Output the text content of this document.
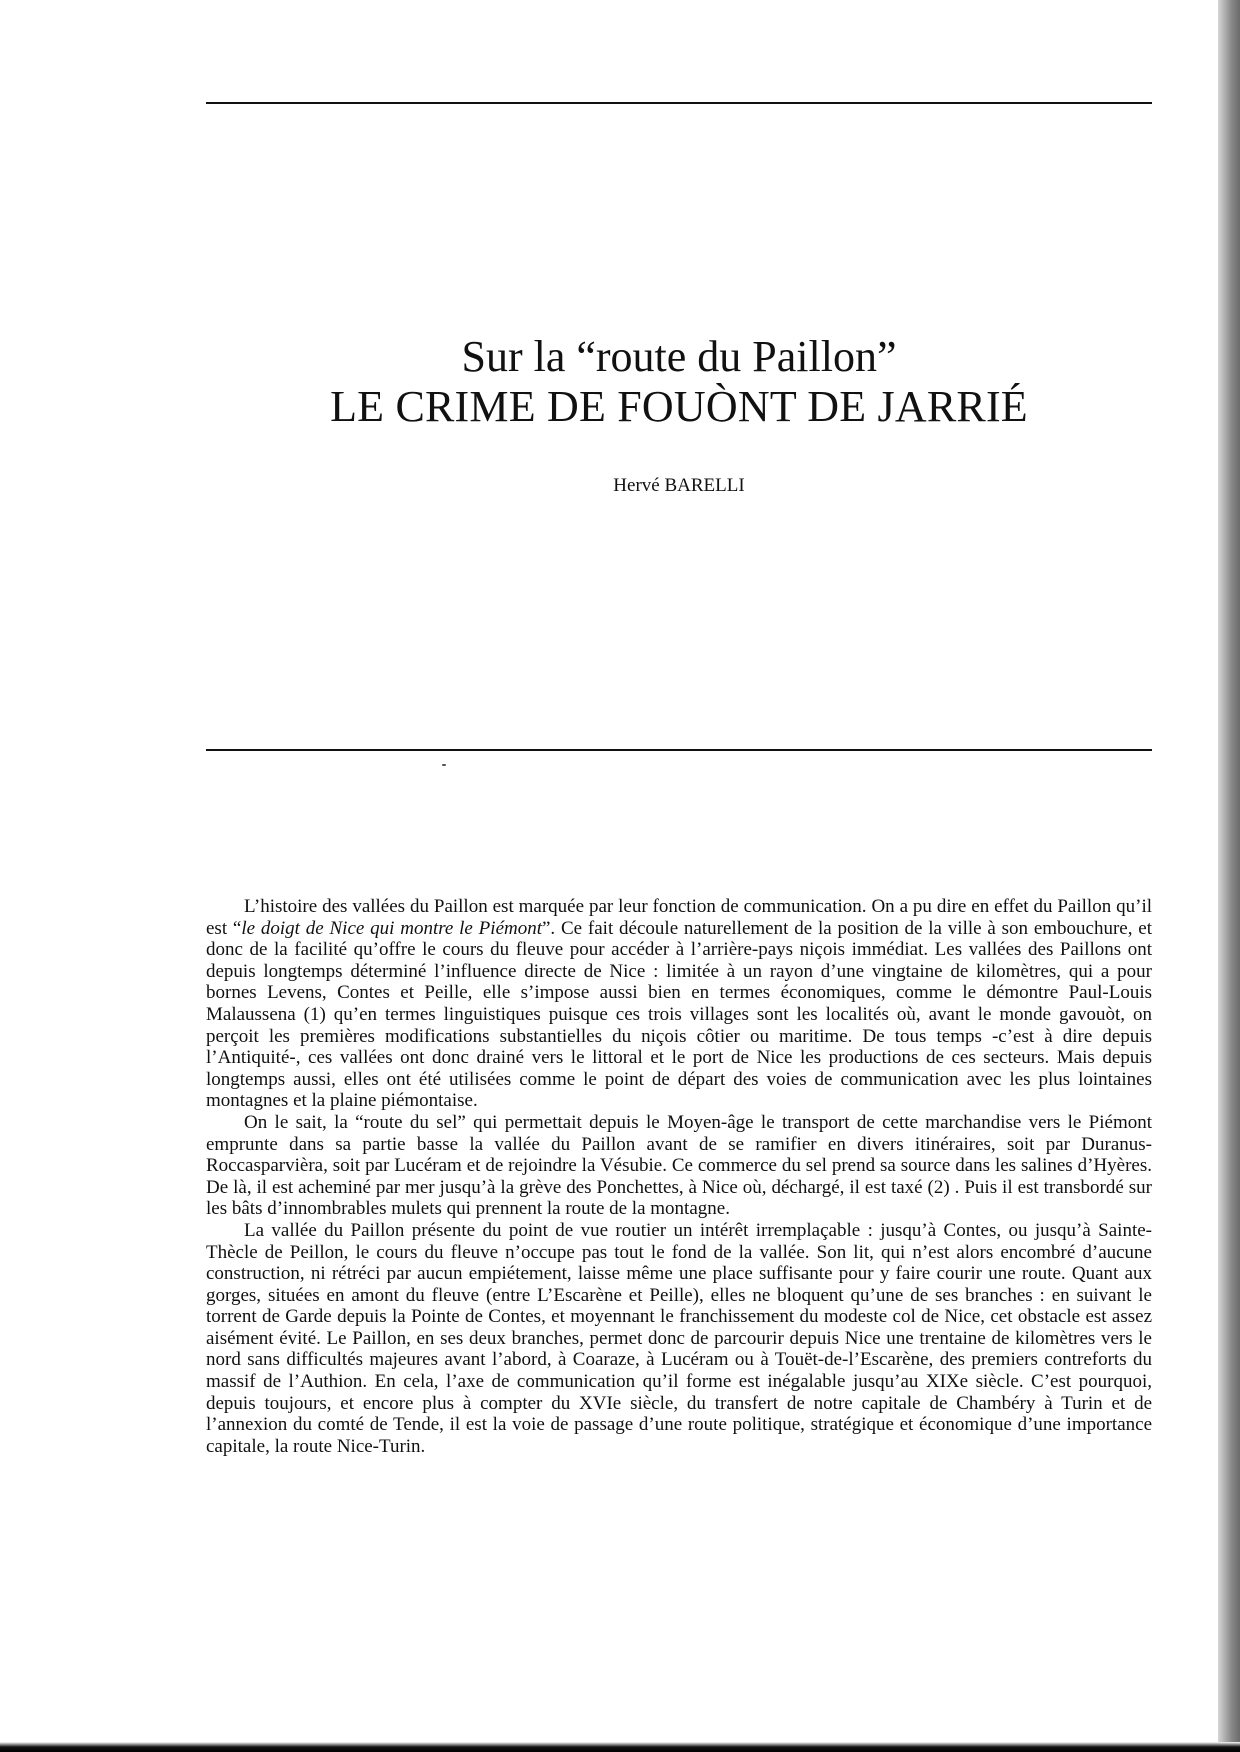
Sur la “route du Paillon”
LE CRIME DE FOUÒNT DE JARRIÉ
Hervé BARELLI

L’histoire des vallées du Paillon est marquée par leur fonction de communication. On a pu dire en effet du Paillon qu’il est “le doigt de Nice qui montre le Piémont”. Ce fait découle naturellement de la position de la ville à son embouchure, et donc de la facilité qu’offre le cours du fleuve pour accéder à l’arrière-pays niçois immédiat. Les vallées des Paillons ont depuis longtemps déterminé l’influence directe de Nice : limitée à un rayon d’une vingtaine de kilomètres, qui a pour bornes Levens, Contes et Peille, elle s’impose aussi bien en termes économiques, comme le démontre Paul-Louis Malaussena (1) qu’en termes linguistiques puisque ces trois villages sont les localités où, avant le monde gavouòt, on perçoit les premières modifications substantielles du niçois côtier ou maritime. De tous temps -c’est à dire depuis l’Antiquité-, ces vallées ont donc drainé vers le littoral et le port de Nice les productions de ces secteurs. Mais depuis longtemps aussi, elles ont été utilisées comme le point de départ des voies de communication avec les plus lointaines montagnes et la plaine piémontaise.

On le sait, la “route du sel” qui permettait depuis le Moyen-âge le transport de cette marchandise vers le Piémont emprunte dans sa partie basse la vallée du Paillon avant de se ramifier en divers itinéraires, soit par Duranus-Roccasparvièra, soit par Lucéram et de rejoindre la Vésubie. Ce commerce du sel prend sa source dans les salines d’Hyères. De là, il est acheminé par mer jusqu’à la grève des Ponchettes, à Nice où, déchargé, il est taxé (2) . Puis il est transbordé sur les bâts d’innombrables mulets qui prennent la route de la montagne.

La vallée du Paillon présente du point de vue routier un intérêt irremplaçable : jusqu’à Contes, ou jusqu’à Sainte-Thècle de Peillon, le cours du fleuve n’occupe pas tout le fond de la vallée. Son lit, qui n’est alors encombré d’aucune construction, ni rétréci par aucun empiétement, laisse même une place suffisante pour y faire courir une route. Quant aux gorges, situées en amont du fleuve (entre L’Escarène et Peille), elles ne bloquent qu’une de ses branches : en suivant le torrent de Garde depuis la Pointe de Contes, et moyennant le franchissement du modeste col de Nice, cet obstacle est assez aisément évité. Le Paillon, en ses deux branches, permet donc de parcourir depuis Nice une trentaine de kilomètres vers le nord sans difficultés majeures avant l’abord, à Coaraze, à Lucéram ou à Touët-de-l’Escarène, des premiers contreforts du massif de l’Authion. En cela, l’axe de communication qu’il forme est inégalable jusqu’au XIXe siècle. C’est pourquoi, depuis toujours, et encore plus à compter du XVIe siècle, du transfert de notre capitale de Chambéry à Turin et de l’annexion du comté de Tende, il est la voie de passage d’une route politique, stratégique et économique d’une importance capitale, la route Nice-Turin.
